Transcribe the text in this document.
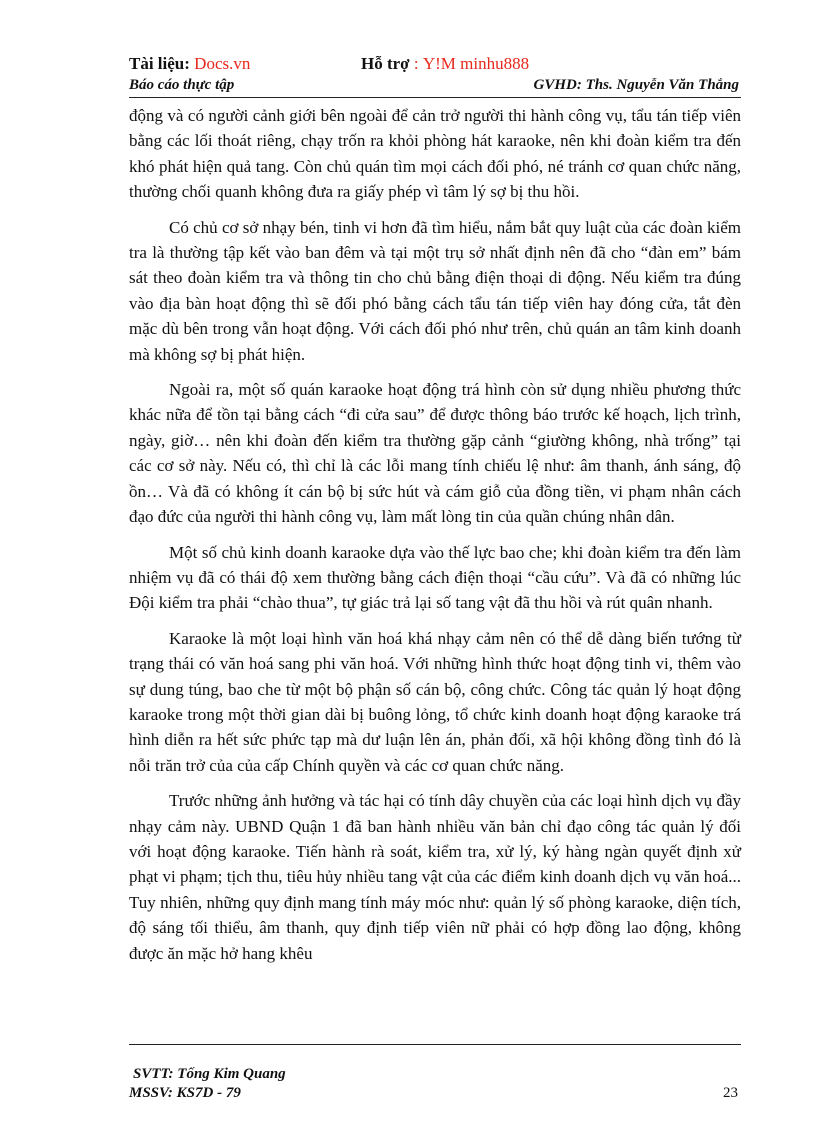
Tài liệu: Docs.vn	Hỗ trợ : Y!M minhu888
Báo cáo thực tập	GVHD: Ths. Nguyễn Văn Thắng

động và có người cảnh giới bên ngoài để cản trở người thi hành công vụ, tẩu tán tiếp viên bằng các lối thoát riêng, chạy trốn ra khỏi phòng hát karaoke, nên khi đoàn kiểm tra đến khó phát hiện quả tang. Còn chủ quán tìm mọi cách đối phó, né tránh cơ quan chức năng, thường chối quanh không đưa ra giấy phép vì tâm lý sợ bị thu hồi.

Có chủ cơ sở nhạy bén, tinh vi hơn đã tìm hiểu, nắm bắt quy luật của các đoàn kiểm tra là thường tập kết vào ban đêm và tại một trụ sở nhất định nên đã cho “đàn em” bám sát theo đoàn kiểm tra và thông tin cho chủ bằng điện thoại di động. Nếu kiểm tra đúng vào địa bàn hoạt động thì sẽ đối phó bằng cách tẩu tán tiếp viên hay đóng cửa, tắt đèn mặc dù bên trong vẫn hoạt động. Với cách đối phó như trên, chủ quán an tâm kinh doanh mà không sợ bị phát hiện.

Ngoài ra, một số quán karaoke hoạt động trá hình còn sử dụng nhiều phương thức khác nữa để tồn tại bằng cách “đi cửa sau” để được thông báo trước kế hoạch, lịch trình, ngày, giờ… nên khi đoàn đến kiểm tra thường gặp cảnh “giường không, nhà trống” tại các cơ sở này. Nếu có, thì chỉ là các lỗi mang tính chiếu lệ như: âm thanh, ánh sáng, độ ồn… Và đã có không ít cán bộ bị sức hút và cám giỗ của đồng tiền, vi phạm nhân cách đạo đức của người thi hành công vụ, làm mất lòng tin của quần chúng nhân dân.

Một số chủ kinh doanh karaoke dựa vào thế lực bao che; khi đoàn kiểm tra đến làm nhiệm vụ đã có thái độ xem thường bằng cách điện thoại “cầu cứu”. Và đã có những lúc Đội kiểm tra phải “chào thua”, tự giác trả lại số tang vật đã thu hồi và rút quân nhanh.

Karaoke là một loại hình văn hoá khá nhạy cảm nên có thể dễ dàng biến tướng từ trạng thái có văn hoá sang phi văn hoá. Với những hình thức hoạt động tinh vi, thêm vào sự dung túng, bao che từ một bộ phận số cán bộ, công chức. Công tác quản lý hoạt động karaoke trong một thời gian dài bị buông lỏng, tổ chức kinh doanh hoạt động karaoke trá hình diễn ra hết sức phức tạp mà dư luận lên án, phản đối, xã hội không đồng tình đó là nỗi trăn trở của của cấp Chính quyền và các cơ quan chức năng.

Trước những ảnh hưởng và tác hại có tính dây chuyền của các loại hình dịch vụ đầy nhạy cảm này. UBND Quận 1 đã ban hành nhiều văn bản chỉ đạo công tác quản lý đối với hoạt động karaoke. Tiến hành rà soát, kiểm tra, xử lý, ký hàng ngàn quyết định xử phạt vi phạm; tịch thu, tiêu hủy nhiều tang vật của các điểm kinh doanh dịch vụ văn hoá... Tuy nhiên, những quy định mang tính máy móc như: quản lý số phòng karaoke, diện tích, độ sáng tối thiểu, âm thanh, quy định tiếp viên nữ phải có hợp đồng lao động, không được ăn mặc hở hang khêu

SVTT: Tống Kim Quang
MSSV: KS7D - 79	23
